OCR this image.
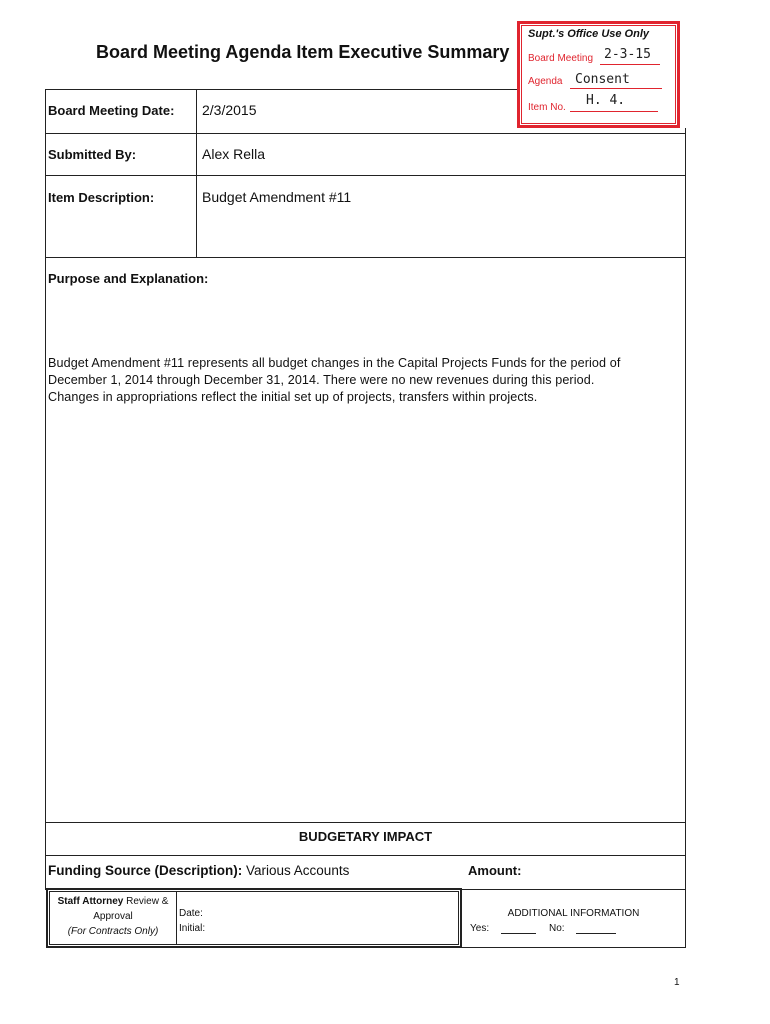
Board Meeting Agenda Item Executive Summary
Supt.'s Office Use Only
Board Meeting 2-3-15
Agenda Consent
Item No. H. 4.
Board Meeting Date: 2/3/2015
Submitted By:	Alex Rella
Item Description:	Budget Amendment #11
Purpose and Explanation:
Budget Amendment #11 represents all budget changes in the Capital Projects Funds for the period of
December 1, 2014 through December 31, 2014. There were no new revenues during this period.
Changes in appropriations reflect the initial set up of projects, transfers within projects.
BUDGETARY IMPACT
Funding Source (Description): Various Accounts	Amount:
Staff Attorney Review &
Approval
(For Contracts Only)
Date:
Initial:
ADDITIONAL INFORMATION
Yes:	No:
1
